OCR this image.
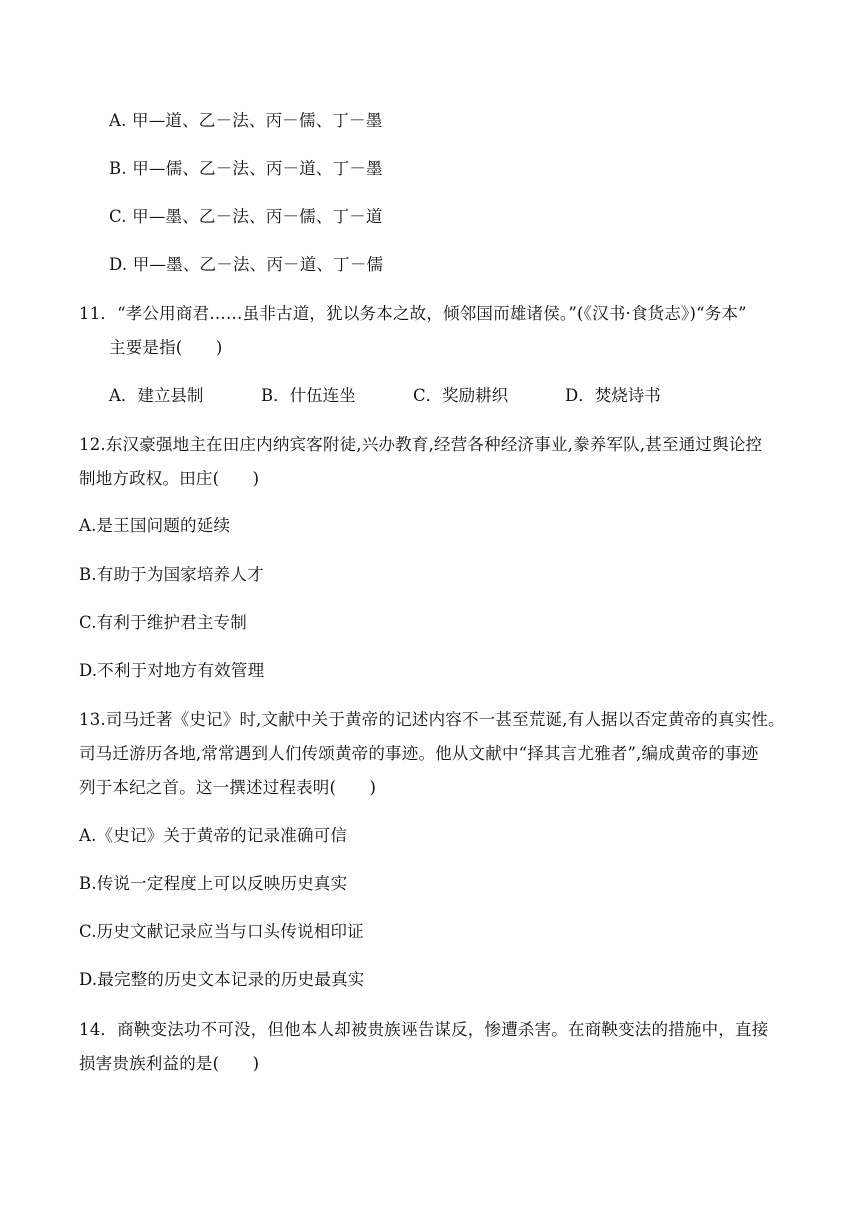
A. 甲—道、乙－法、丙－儒、丁－墨
B. 甲—儒、乙－法、丙－道、丁－墨
C. 甲—墨、乙－法、丙－儒、丁－道
D. 甲—墨、乙－法、丙－道、丁－儒
11．“孝公用商君……虽非古道，犹以务本之故，倾邻国而雄诸侯。”(《汉书·食货志》)“务本”
主要是指(　　)
A．建立县制	B．什伍连坐	C．奖励耕织	D．焚烧诗书
12.东汉豪强地主在田庄内纳宾客附徒,兴办教育,经营各种经济事业,豢养军队,甚至通过舆论控
制地方政权。田庄(　　)
A.是王国问题的延续
B.有助于为国家培养人才
C.有利于维护君主专制
D.不利于对地方有效管理
13.司马迁著《史记》时,文献中关于黄帝的记述内容不一甚至荒诞,有人据以否定黄帝的真实性。
司马迁游历各地,常常遇到人们传颂黄帝的事迹。他从文献中“择其言尤雅者”,编成黄帝的事迹
列于本纪之首。这一撰述过程表明(　　)
A.《史记》关于黄帝的记录准确可信
B.传说一定程度上可以反映历史真实
C.历史文献记录应当与口头传说相印证
D.最完整的历史文本记录的历史最真实
14．商鞅变法功不可没，但他本人却被贵族诬告谋反，惨遭杀害。在商鞅变法的措施中，直接
损害贵族利益的是(　　)
